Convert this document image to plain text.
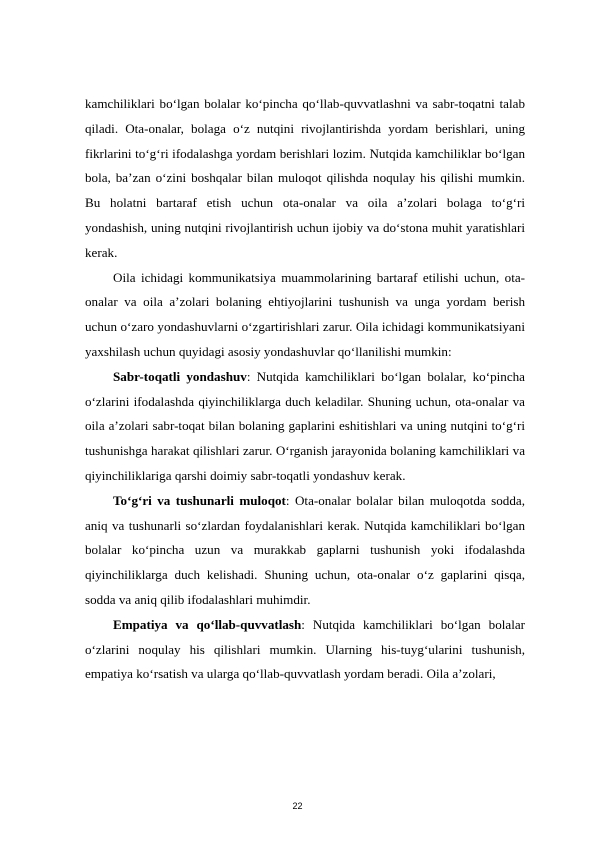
kamchiliklari bo‘lgan bolalar ko‘pincha qo‘llab-quvvatlashni va sabr-toqatni talab qiladi. Ota-onalar, bolaga o‘z nutqini rivojlantirishda yordam berishlari, uning fikrlarini to‘g‘ri ifodalashga yordam berishlari lozim. Nutqida kamchiliklar bo‘lgan bola, ba’zan o‘zini boshqalar bilan muloqot qilishda noqulay his qilishi mumkin. Bu holatni bartaraf etish uchun ota-onalar va oila a’zolari bolaga to‘g‘ri yondashish, uning nutqini rivojlantirish uchun ijobiy va do‘stona muhit yaratishlari kerak.

Oila ichidagi kommunikatsiya muammolarining bartaraf etilishi uchun, ota-onalar va oila a’zolari bolaning ehtiyojlarini tushunish va unga yordam berish uchun o‘zaro yondashuvlarni o‘zgartirishlari zarur. Oila ichidagi kommunikatsiyani yaxshilash uchun quyidagi asosiy yondashuvlar qo‘llanilishi mumkin:

Sabr-toqatli yondashuv: Nutqida kamchiliklari bo‘lgan bolalar, ko‘pincha o‘zlarini ifodalashda qiyinchiliklarga duch keladilar. Shuning uchun, ota-onalar va oila a’zolari sabr-toqat bilan bolaning gaplarini eshitishlari va uning nutqini to‘g‘ri tushunishga harakat qilishlari zarur. O‘rganish jarayonida bolaning kamchiliklari va qiyinchiliklariga qarshi doimiy sabr-toqatli yondashuv kerak.

To‘g‘ri va tushunarli muloqot: Ota-onalar bolalar bilan muloqotda sodda, aniq va tushunarli so‘zlardan foydalanishlari kerak. Nutqida kamchiliklari bo‘lgan bolalar ko‘pincha uzun va murakkab gaplarni tushunish yoki ifodalashda qiyinchiliklarga duch kelishadi. Shuning uchun, ota-onalar o‘z gaplarini qisqa, sodda va aniq qilib ifodalashlari muhimdir.

Empatiya va qo‘llab-quvvatlash: Nutqida kamchiliklari bo‘lgan bolalar o‘zlarini noqulay his qilishlari mumkin. Ularning his-tuyg‘ularini tushunish, empatiya ko‘rsatish va ularga qo‘llab-quvvatlash yordam beradi. Oila a’zolari,

22
